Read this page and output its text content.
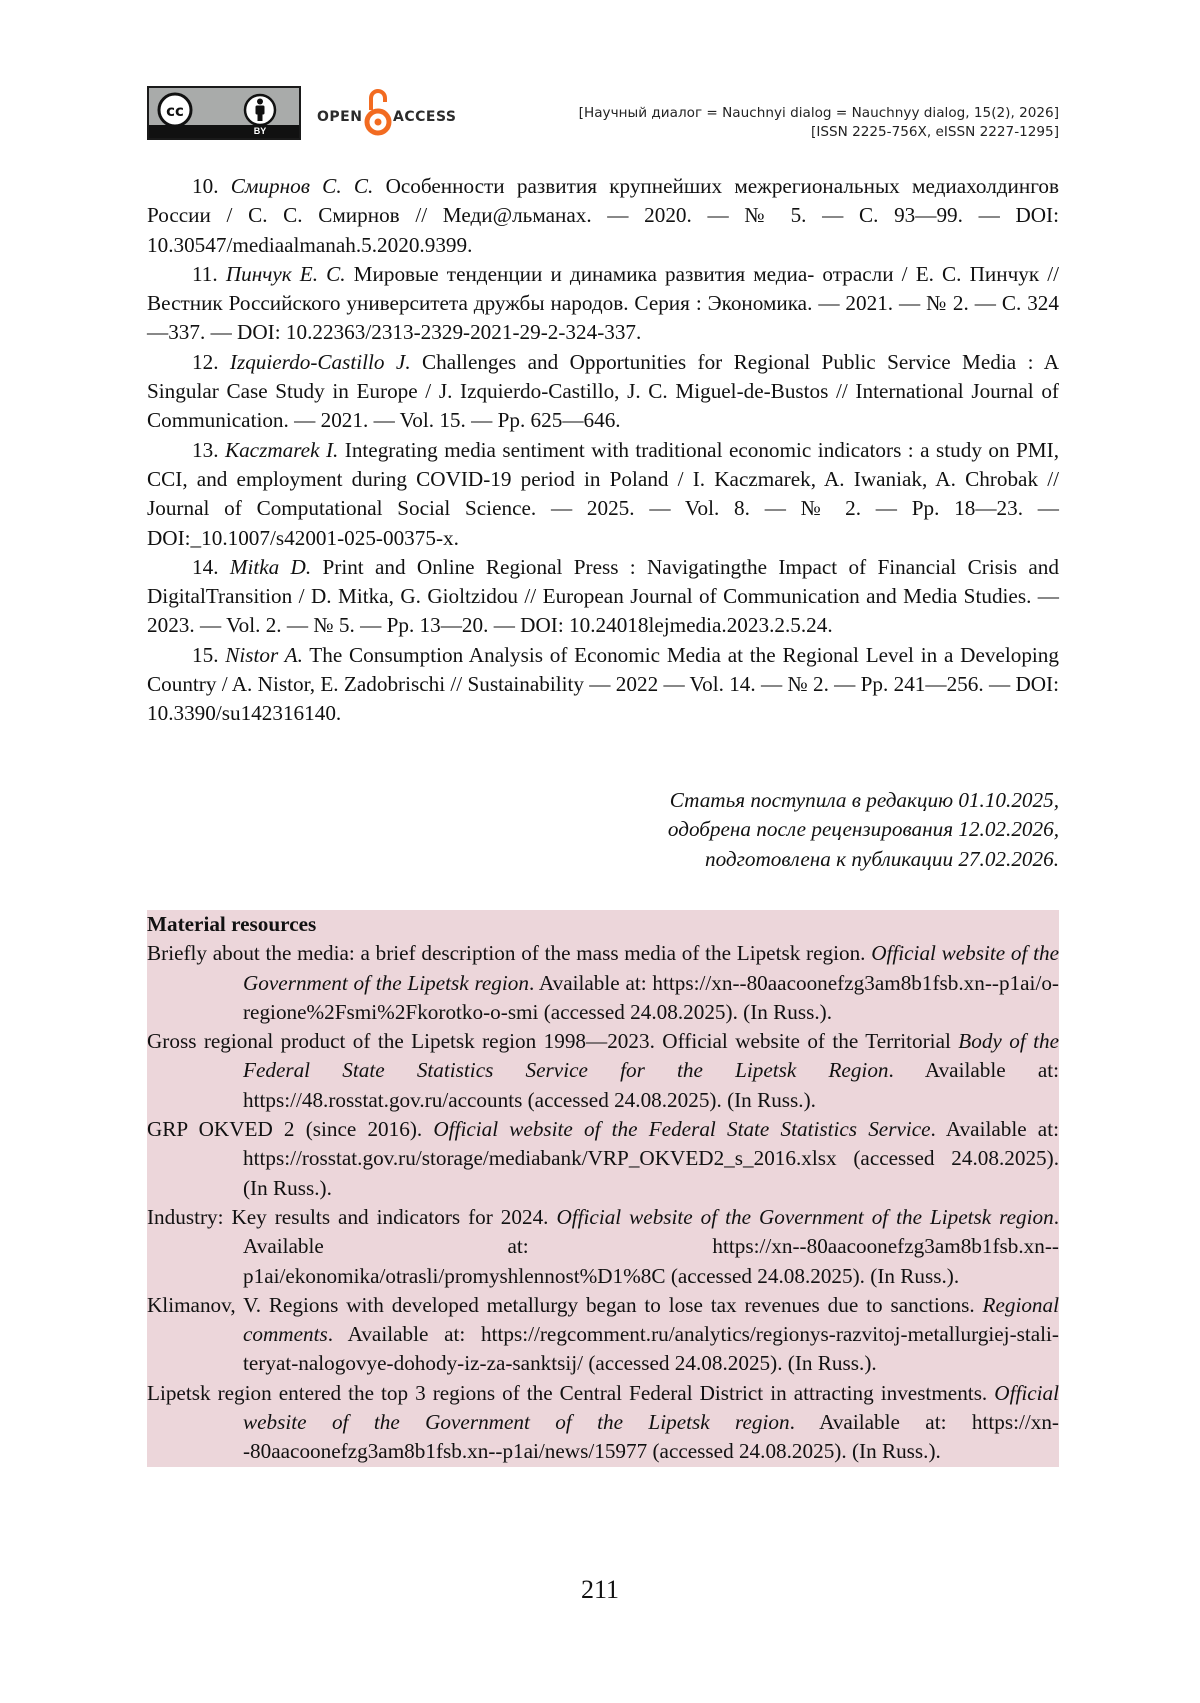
cc
BY
OPEN ACCESS	[Научный диалог = Nauchnyi dialog = Nauchnyy dialog, 15(2), 2026]
[ISSN 2225-756X, eISSN 2227-1295]

10. Смирнов С. С. Особенности развития крупнейших межрегиональных медиахолдингов России / С. С. Смирнов // Меди@льманах. — 2020. — № 5. — С. 93—99. — DOI: 10.30547/mediaalmanah.5.2020.9399.

11. Пинчук Е. С. Мировые тенденции и динамика развития медиа- отрасли / Е. С. Пинчук // Вестник Российского университета дружбы народов. Серия : Экономика. — 2021. — № 2. — С. 324—337. — DOI: 10.22363/2313-2329-2021-29-2-324-337.

12. Izquierdo-Castillo J. Challenges and Opportunities for Regional Public Service Media : A Singular Case Study in Europe / J. Izquierdo-Castillo, J. C. Miguel-de-Bustos // International Journal of Communication. — 2021. — Vol. 15. — Pp. 625—646.

13. Kaczmarek I. Integrating media sentiment with traditional economic indicators : a study on PMI, CCI, and employment during COVID-19 period in Poland / I. Kaczmarek, A. Iwaniak, A. Chrobak // Journal of Computational Social Science. — 2025. — Vol. 8. — № 2. — Pp. 18—23. — DOI:_10.1007/s42001-025-00375-x.

14. Mitka D. Print and Online Regional Press : Navigatingthe Impact of Financial Crisis and DigitalTransition / D. Mitka, G. Gioltzidou // European Journal of Communication and Media Studies. — 2023. — Vol. 2. — № 5. — Pp. 13—20. — DOI: 10.24018lejmedia.2023.2.5.24.

15. Nistor A. The Consumption Analysis of Economic Media at the Regional Level in a Developing Country / A. Nistor, E. Zadobrischi // Sustainability — 2022 — Vol. 14. — № 2. — Pp. 241—256. — DOI: 10.3390/su142316140.

Статья поступила в редакцию 01.10.2025,
одобрена после рецензирования 12.02.2026,
подготовлена к публикации 27.02.2026.

Material resources

Briefly about the media: a brief description of the mass media of the Lipetsk region. Official website of the Government of the Lipetsk region. Available at: https://xn--80aacoonefzg3am8b1fsb.xn--p1ai/o-regione%2Fsmi%2Fkorotko-o-smi (accessed 24.08.2025). (In Russ.).

Gross regional product of the Lipetsk region 1998—2023. Official website of the Territorial Body of the Federal State Statistics Service for the Lipetsk Region. Available at: https://48.rosstat.gov.ru/accounts (accessed 24.08.2025). (In Russ.).

GRP OKVED 2 (since 2016). Official website of the Federal State Statistics Service. Available at: https://rosstat.gov.ru/storage/mediabank/VRP_OKVED2_s_2016.xlsx (accessed 24.08.2025). (In Russ.).

Industry: Key results and indicators for 2024. Official website of the Government of the Lipetsk region. Available at: https://xn--80aacoonefzg3am8b1fsb.xn--p1ai/ekonomika/otrasli/promyshlennost%D1%8C (accessed 24.08.2025). (In Russ.).

Klimanov, V. Regions with developed metallurgy began to lose tax revenues due to sanctions. Regional comments. Available at: https://regcomment.ru/analytics/regionys-razvitoj-metallurgiej-stali-teryat-nalogovye-dohody-iz-za-sanktsij/ (accessed 24.08.2025). (In Russ.).

Lipetsk region entered the top 3 regions of the Central Federal District in attracting investments. Official website of the Government of the Lipetsk region. Available at: https://xn--80aacoonefzg3am8b1fsb.xn--p1ai/news/15977 (accessed 24.08.2025). (In Russ.).

211
